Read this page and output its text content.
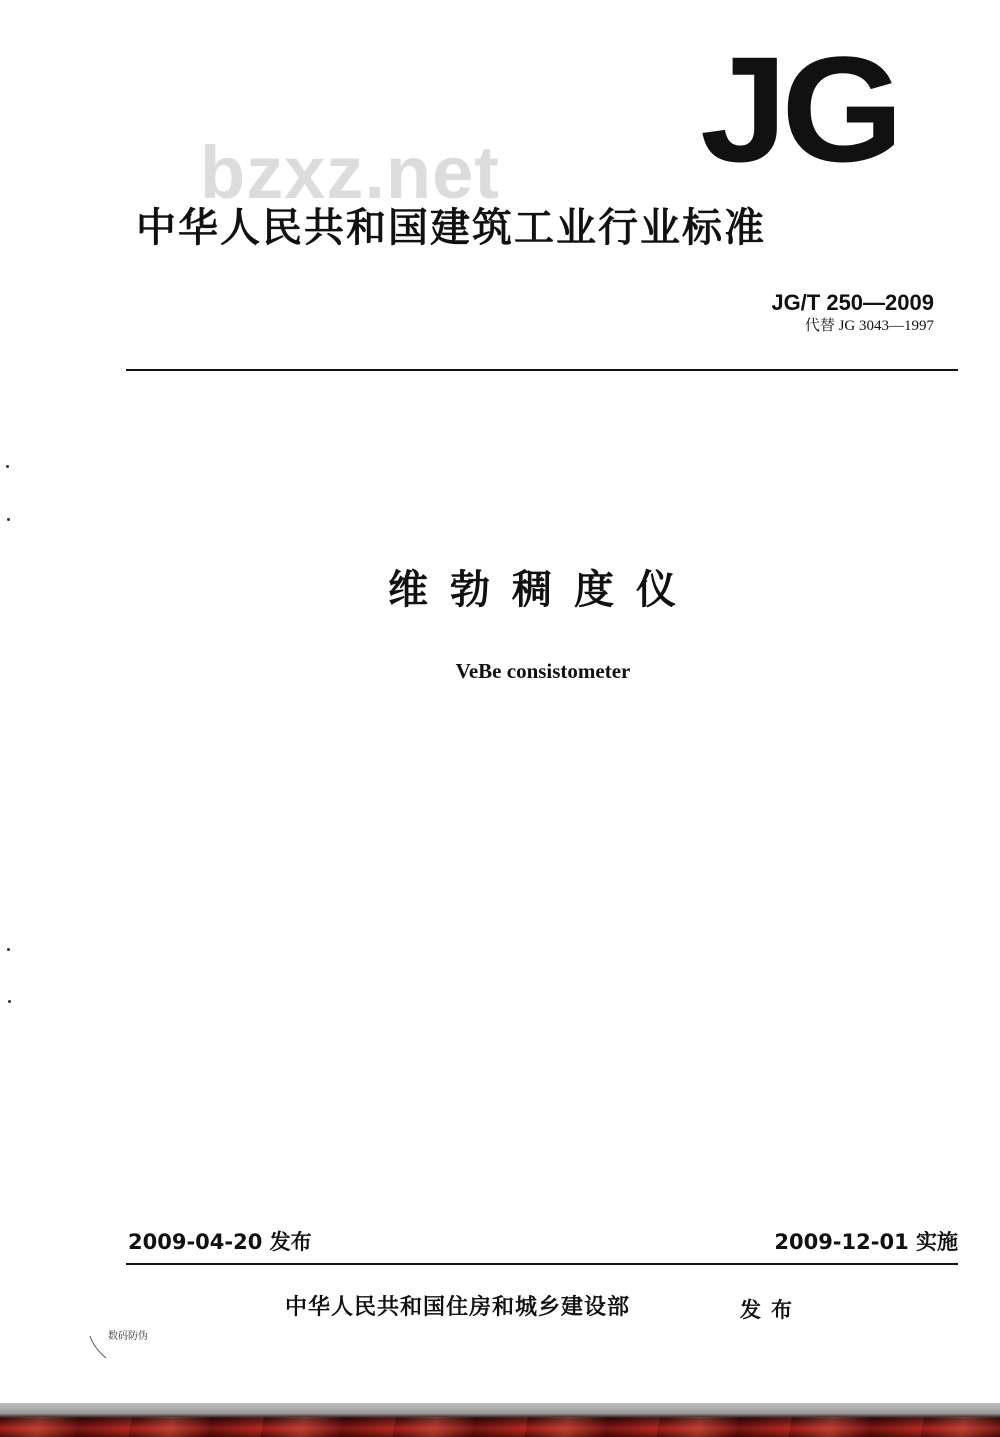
JG
bzxz.net
中华人民共和国建筑工业行业标准
JG/T 250—2009
代替 JG 3043—1997
维勃稠度仪
VeBe consistometer
2009-04-20 发布	2009-12-01 实施
中华人民共和国住房和城乡建设部	发布
数码防伪
